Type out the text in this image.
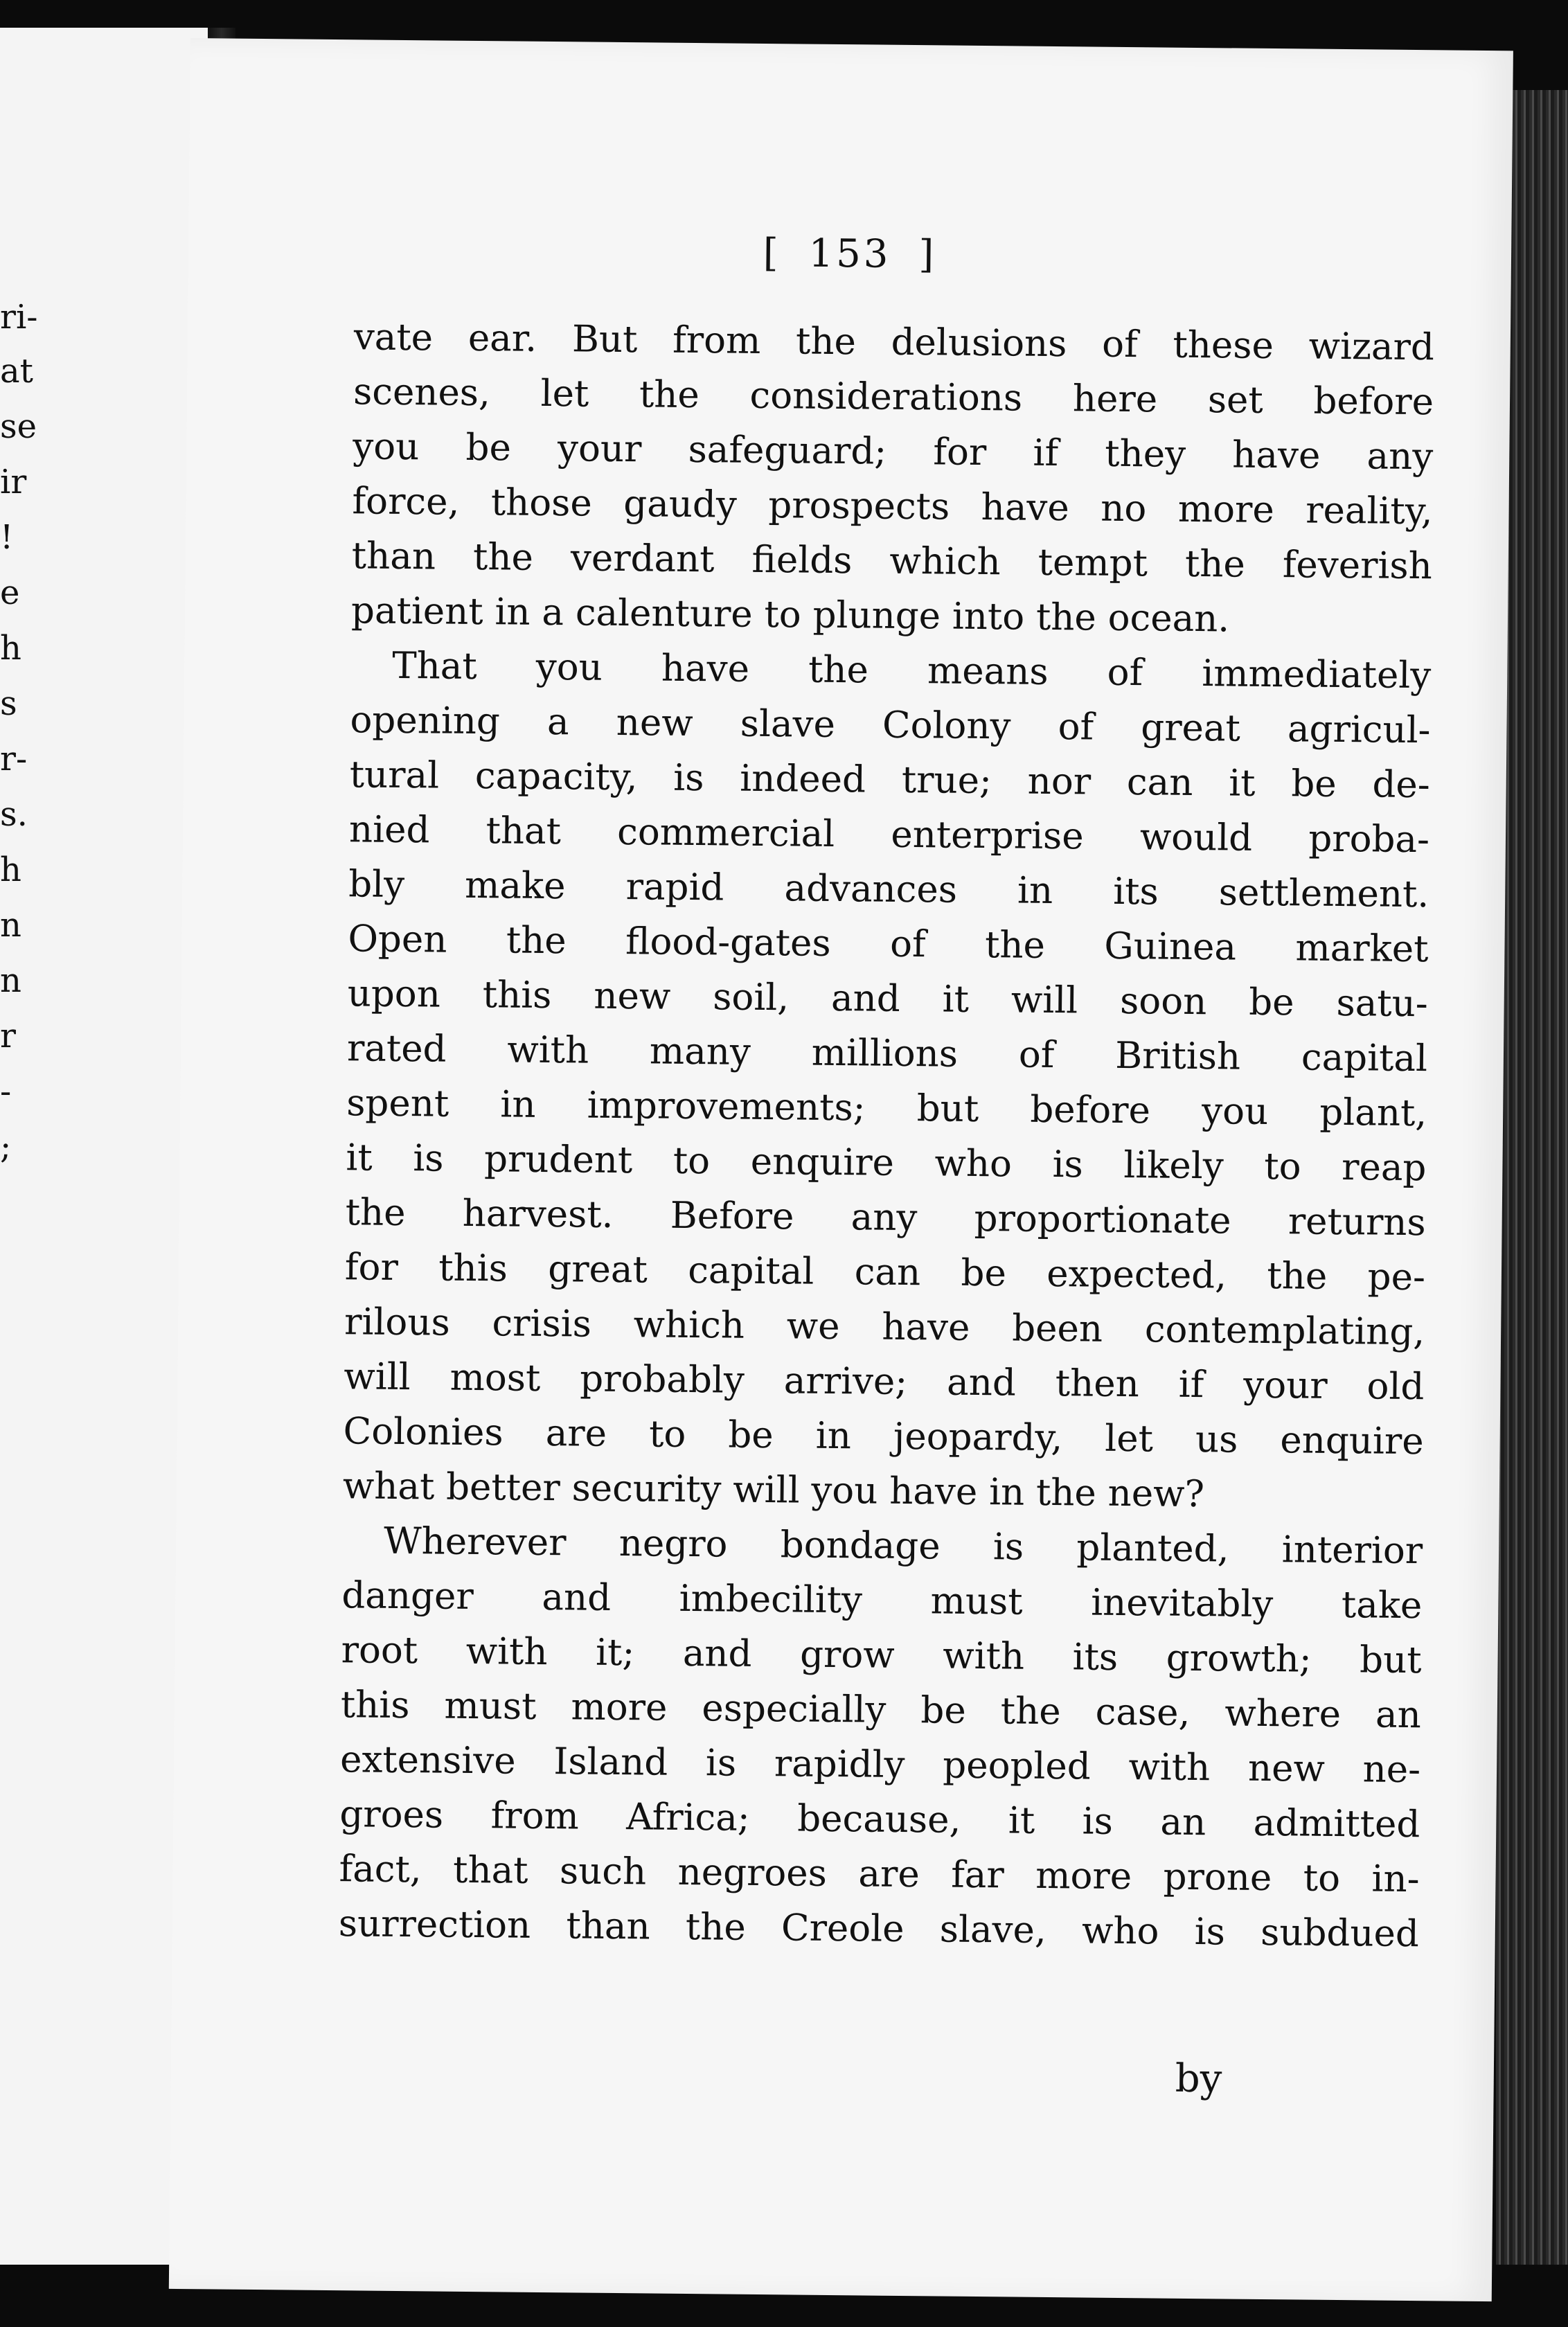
ri-
at
se
ir
!
e
h
s
r-
s.
h
n
n
r
-
;
[ 153 ]
vate ear. But from the delusions of these wizard
scenes, let the considerations here set before
you be your safeguard; for if they have any
force, those gaudy prospects have no more reality,
than the verdant fields which tempt the feverish
patient in a calenture to plunge into the ocean.
That you have the means of immediately
opening a new slave Colony of great agricul-
tural capacity, is indeed true; nor can it be de-
nied that commercial enterprise would proba-
bly make rapid advances in its settlement.
Open the flood-gates of the Guinea market
upon this new soil, and it will soon be satu-
rated with many millions of British capital
spent in improvements; but before you plant,
it is prudent to enquire who is likely to reap
the harvest. Before any proportionate returns
for this great capital can be expected, the pe-
rilous crisis which we have been contemplating,
will most probably arrive; and then if your old
Colonies are to be in jeopardy, let us enquire
what better security will you have in the new?
Wherever negro bondage is planted, interior
danger and imbecility must inevitably take
root with it; and grow with its growth; but
this must more especially be the case, where an
extensive Island is rapidly peopled with new ne-
groes from Africa; because, it is an admitted
fact, that such negroes are far more prone to in-
surrection than the Creole slave, who is subdued
by
